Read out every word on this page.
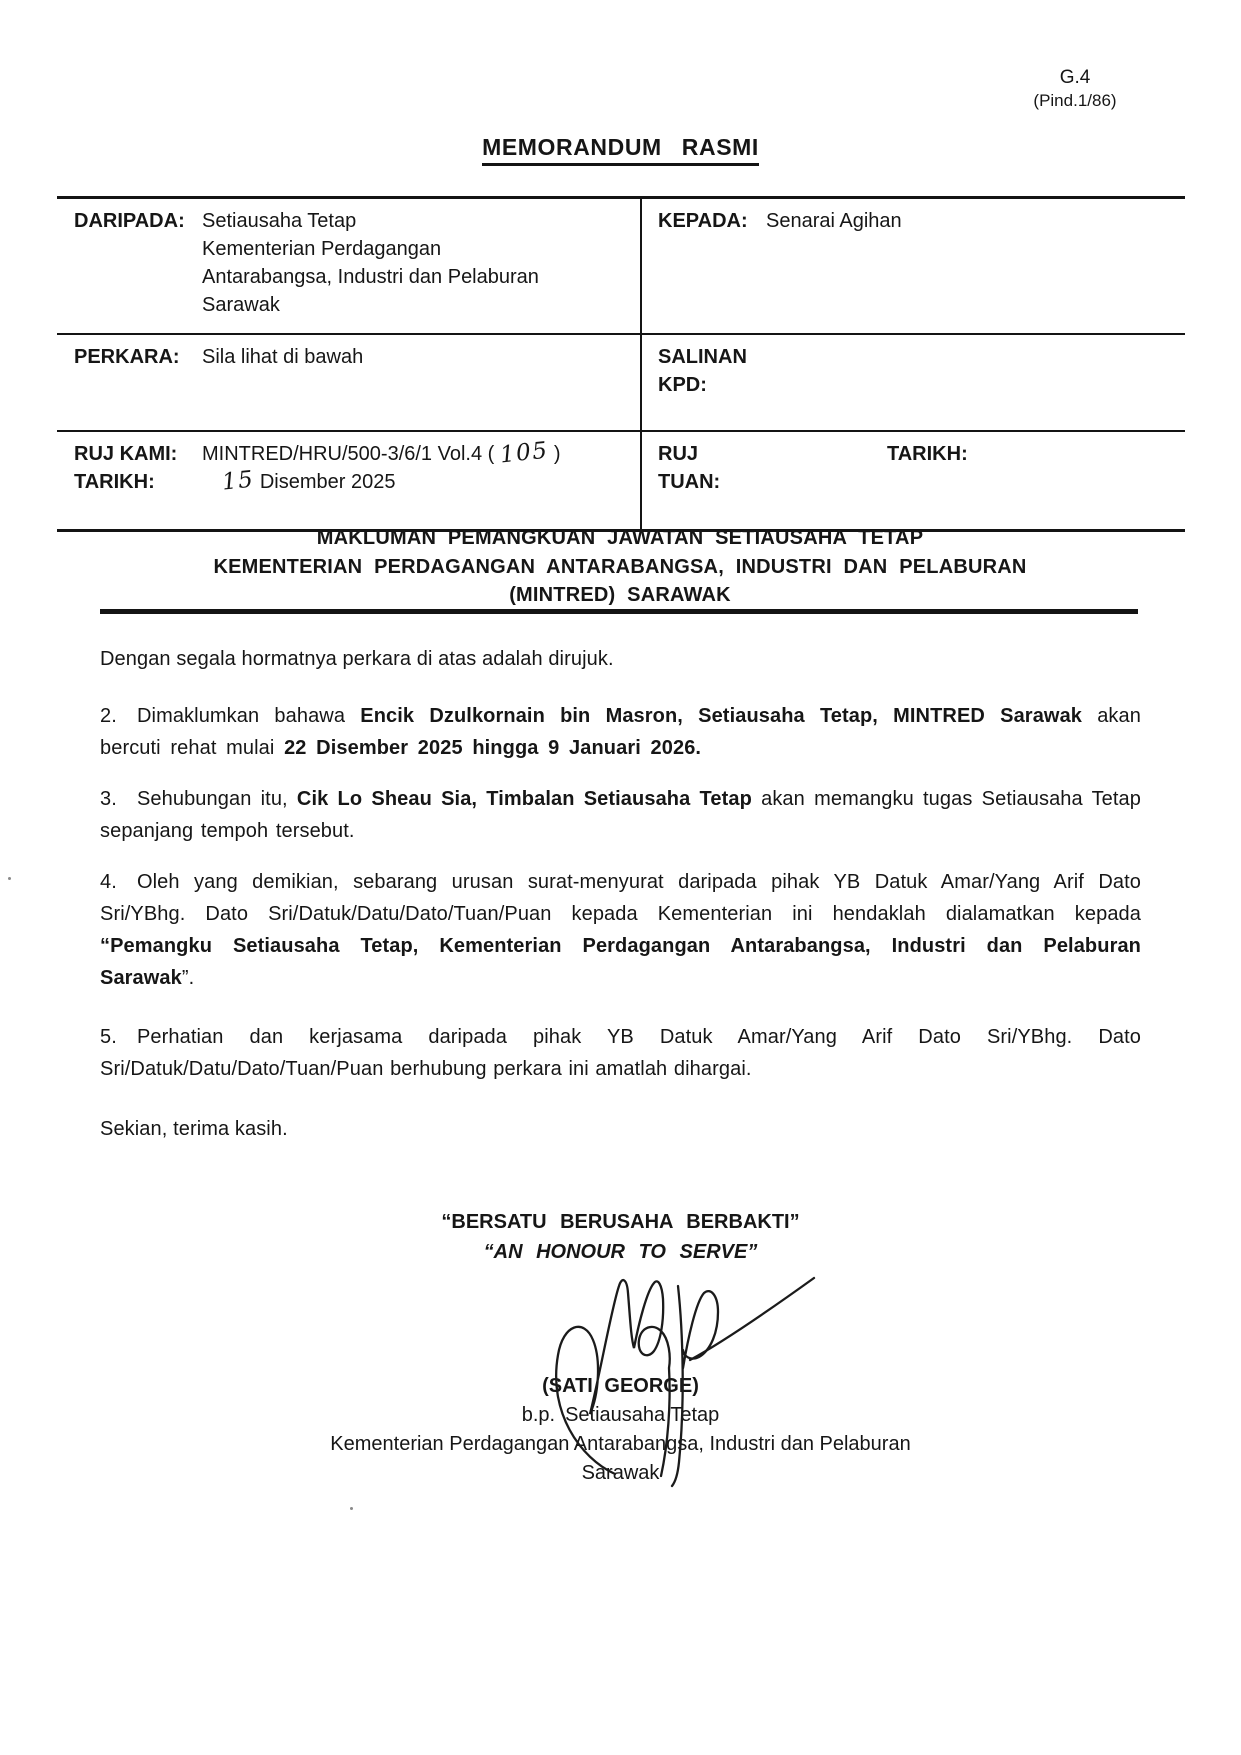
G.4
(Pind.1/86)
MEMORANDUM RASMI
DARIPADA: Setiausaha Tetap
Kementerian Perdagangan
Antarabangsa, Industri dan Pelaburan
Sarawak
KEPADA: Senarai Agihan
PERKARA:	Sila lihat di bawah	SALINAN
KPD:
RUJ KAMI:	MINTRED/HRU/500-3/6/1 Vol.4 ( 105 )
TARIKH:	15 Disember 2025
RUJ
TUAN:
TARIKH:
MAKLUMAN PEMANGKUAN JAWATAN SETIAUSAHA TETAP
KEMENTERIAN PERDAGANGAN ANTARABANGSA, INDUSTRI DAN PELABURAN
(MINTRED) SARAWAK
Dengan segala hormatnya perkara di atas adalah dirujuk.
2. Dimaklumkan bahawa Encik Dzulkornain bin Masron, Setiausaha Tetap, MINTRED Sarawak akan bercuti rehat mulai 22 Disember 2025 hingga 9 Januari 2026.
3. Sehubungan itu, Cik Lo Sheau Sia, Timbalan Setiausaha Tetap akan memangku tugas Setiausaha Tetap sepanjang tempoh tersebut.
4. Oleh yang demikian, sebarang urusan surat-menyurat daripada pihak YB Datuk Amar/Yang Arif Dato Sri/YBhg. Dato Sri/Datuk/Datu/Dato/Tuan/Puan kepada Kementerian ini hendaklah dialamatkan kepada “Pemangku Setiausaha Tetap, Kementerian Perdagangan Antarabangsa, Industri dan Pelaburan Sarawak”.
5. Perhatian dan kerjasama daripada pihak YB Datuk Amar/Yang Arif Dato Sri/YBhg. Dato Sri/Datuk/Datu/Dato/Tuan/Puan berhubung perkara ini amatlah dihargai.
Sekian, terima kasih.
“BERSATU BERUSAHA BERBAKTI”
“AN HONOUR TO SERVE”
(SATI GEORGE)
b.p. Setiausaha Tetap
Kementerian Perdagangan Antarabangsa, Industri dan Pelaburan
Sarawak
